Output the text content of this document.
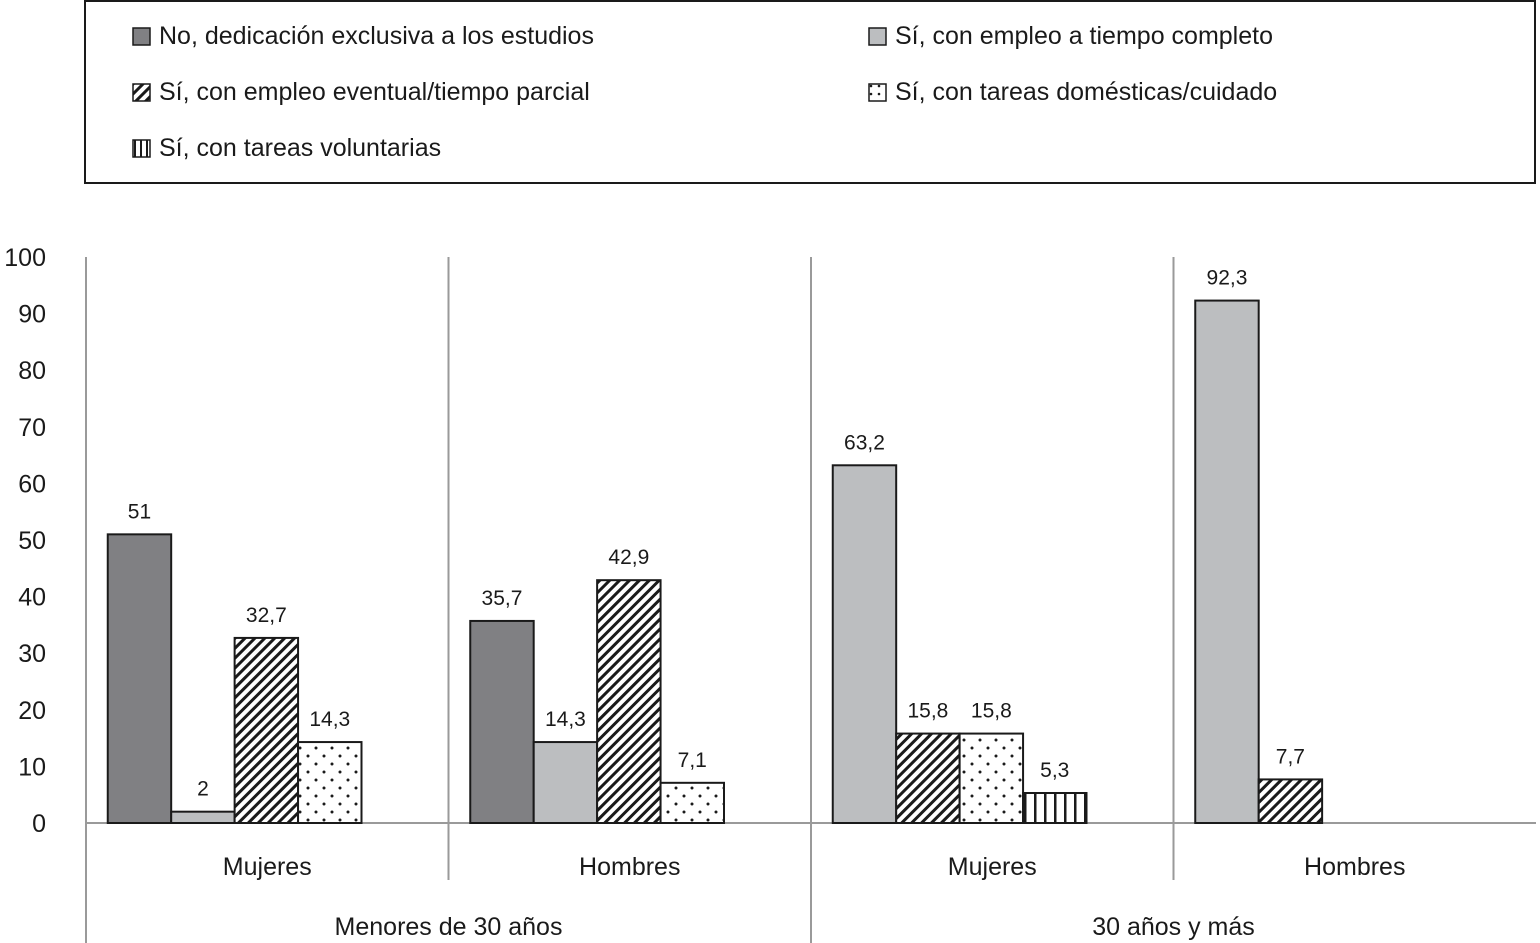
No, dedicación exclusiva a los estudios	Sí, con empleo a tiempo completo
Sí, con empleo eventual/tiempo parcial	Sí, con tareas domésticas/cuidado
Sí, con tareas voluntarias
0
10
20
30
40
50
60
70
80
90
100
Menores de 30 años
Mujeres
51
2
32,7
14,3
Hombres
35,7
14,3
42,9
7,1
30 años y más
Mujeres
63,2
15,8 15,8
5,3
Hombres
92,3
7,7
